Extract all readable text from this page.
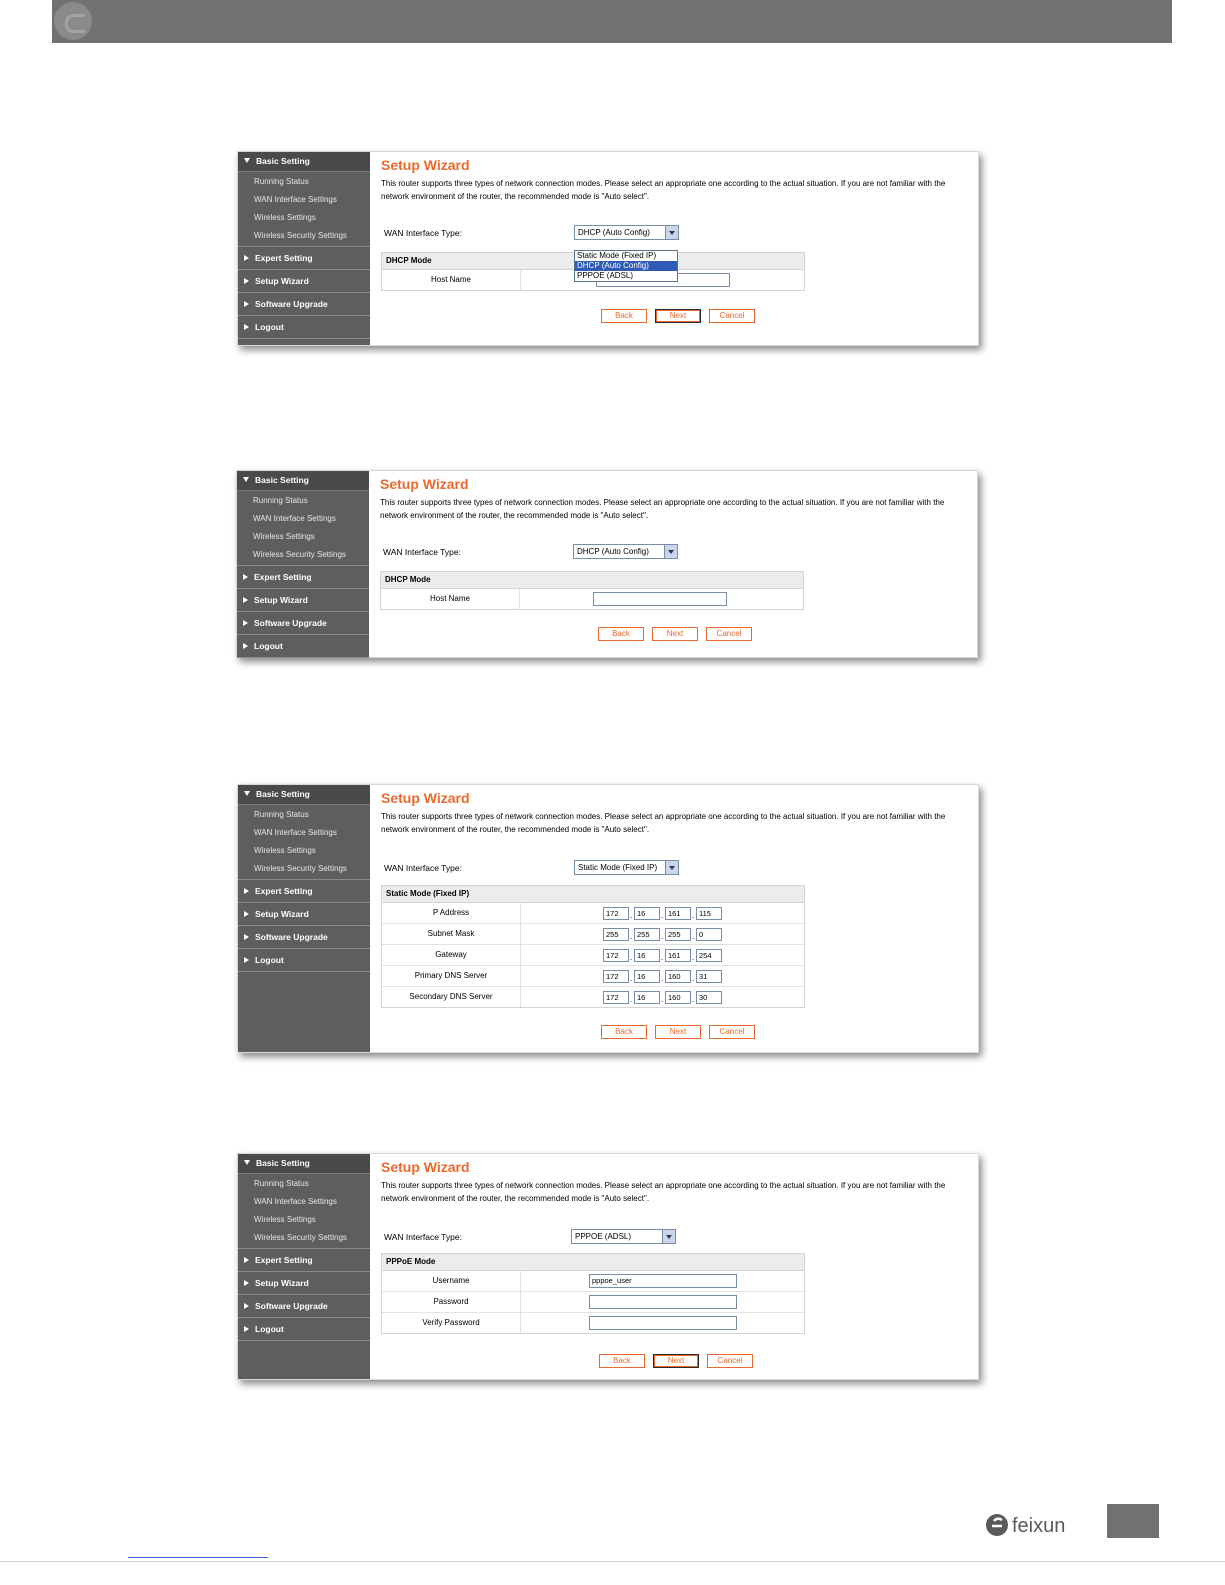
Basic Setting
Running Status
WAN Interface Settings
Wireless Settings
Wireless Security Settings
Expert Setting
Setup Wizard
Software Upgrade
Logout
Setup Wizard
This router supports three types of network connection modes. Please select an appropriate one according to the actual situation. If you are not familiar with the network environment of the router, the recommended mode is "Auto select".
WAN Interface Type:	DHCP (Auto Config)
DHCP Mode
Host Name
Static Mode (Fixed IP)
DHCP (Auto Config)
PPPOE (ADSL)
Back	Next	Cancel
Basic Setting
Running Status
WAN Interface Settings
Wireless Settings
Wireless Security Settings
Expert Setting
Setup Wizard
Software Upgrade
Logout
Setup Wizard
This router supports three types of network connection modes. Please select an appropriate one according to the actual situation. If you are not familiar with the network environment of the router, the recommended mode is "Auto select".
WAN Interface Type:	DHCP (Auto Config)
DHCP Mode
Host Name
Back	Next	Cancel
Basic Setting
Running Status
WAN Interface Settings
Wireless Settings
Wireless Security Settings
Expert Setting
Setup Wizard
Software Upgrade
Logout
Setup Wizard
This router supports three types of network connection modes. Please select an appropriate one according to the actual situation. If you are not familiar with the network environment of the router, the recommended mode is "Auto select".
WAN Interface Type:	Static Mode (Fixed IP)
Static Mode (Fixed IP)
P Address	172	. 16	. 161	. 115
Subnet Mask	255	. 255	. 255	. 0
Gateway	172	. 16	. 161	. 254
Primary DNS Server	172	. 16	. 160	. 31
Secondary DNS Server	172	. 16	. 160	. 30
Back	Next	Cancel
Basic Setting
Running Status
WAN Interface Settings
Wireless Settings
Wireless Security Settings
Expert Setting
Setup Wizard
Software Upgrade
Logout
Setup Wizard
This router supports three types of network connection modes. Please select an appropriate one according to the actual situation. If you are not familiar with the network environment of the router, the recommended mode is "Auto select".
WAN Interface Type:	PPPOE (ADSL)
PPPoE Mode
Username	pppoe_user
Password
Verify Password
Back	Next	Cancel
feixun
